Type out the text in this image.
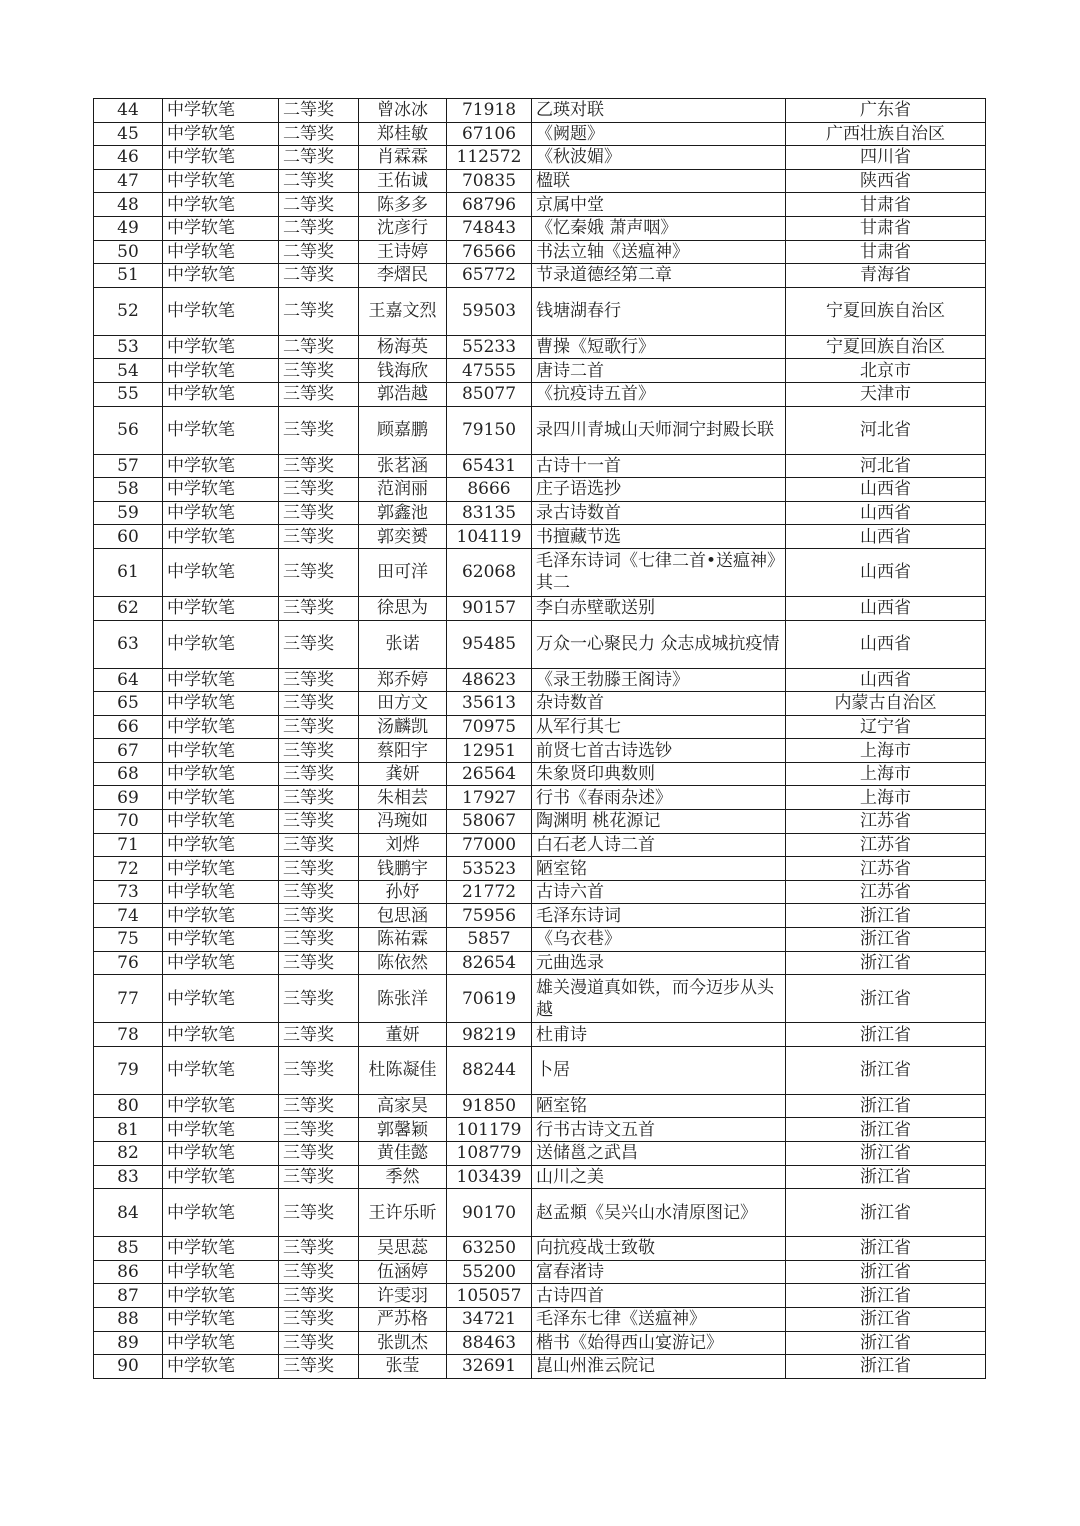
44	中学软笔	二等奖	曾冰冰	71918	乙瑛对联	广东省
45	中学软笔	二等奖	郑桂敏	67106	《阙题》	广西壮族自治区
46	中学软笔	二等奖	肖霖霖	112572	《秋波媚》	四川省
47	中学软笔	二等奖	王佑诚	70835	楹联	陕西省
48	中学软笔	二等奖	陈多多	68796	京属中堂	甘肃省
49	中学软笔	二等奖	沈彦行	74843	《忆秦娥 萧声咽》	甘肃省
50	中学软笔	二等奖	王诗婷	76566	书法立轴《送瘟神》	甘肃省
51	中学软笔	二等奖	李熠民	65772	节录道德经第二章	青海省
52	中学软笔	二等奖	王嘉文烈	59503	钱塘湖春行	宁夏回族自治区
53	中学软笔	二等奖	杨海英	55233	曹操《短歌行》	宁夏回族自治区
54	中学软笔	三等奖	钱海欣	47555	唐诗二首	北京市
55	中学软笔	三等奖	郭浩越	85077	《抗疫诗五首》	天津市
56	中学软笔	三等奖	顾嘉鹏	79150	录四川青城山天师洞宁封殿长联	河北省
57	中学软笔	三等奖	张茗涵	65431	古诗十一首	河北省
58	中学软笔	三等奖	范润丽	8666	庄子语选抄	山西省
59	中学软笔	三等奖	郭鑫池	83135	录古诗数首	山西省
60	中学软笔	三等奖	郭奕赟	104119	书擅藏节选	山西省
61	中学软笔	三等奖	田可洋	62068	毛泽东诗词《七律二首•送瘟神》其二	山西省
62	中学软笔	三等奖	徐思为	90157	李白赤壁歌送别	山西省
63	中学软笔	三等奖	张诺	95485	万众一心聚民力 众志成城抗疫情	山西省
64	中学软笔	三等奖	郑乔婷	48623	《录王勃滕王阁诗》	山西省
65	中学软笔	三等奖	田方文	35613	杂诗数首	内蒙古自治区
66	中学软笔	三等奖	汤麟凯	70975	从军行其七	辽宁省
67	中学软笔	三等奖	蔡阳宇	12951	前贤七首古诗选钞	上海市
68	中学软笔	三等奖	龚妍	26564	朱象贤印典数则	上海市
69	中学软笔	三等奖	朱相芸	17927	行书《春雨杂述》	上海市
70	中学软笔	三等奖	冯琬如	58067	陶渊明 桃花源记	江苏省
71	中学软笔	三等奖	刘烨	77000	白石老人诗二首	江苏省
72	中学软笔	三等奖	钱鹏宇	53523	陋室铭	江苏省
73	中学软笔	三等奖	孙妤	21772	古诗六首	江苏省
74	中学软笔	三等奖	包思涵	75956	毛泽东诗词	浙江省
75	中学软笔	三等奖	陈祐霖	5857	《乌衣巷》	浙江省
76	中学软笔	三等奖	陈依然	82654	元曲选录	浙江省
77	中学软笔	三等奖	陈张洋	70619	雄关漫道真如铁，而今迈步从头越	浙江省
78	中学软笔	三等奖	董妍	98219	杜甫诗	浙江省
79	中学软笔	三等奖	杜陈凝佳	88244	卜居	浙江省
80	中学软笔	三等奖	高家昊	91850	陋室铭	浙江省
81	中学软笔	三等奖	郭馨颖	101179	行书古诗文五首	浙江省
82	中学软笔	三等奖	黄佳懿	108779	送储邕之武昌	浙江省
83	中学软笔	三等奖	季然	103439	山川之美	浙江省
84	中学软笔	三等奖	王许乐昕	90170	赵孟頫《吴兴山水清原图记》	浙江省
85	中学软笔	三等奖	吴思蕊	63250	向抗疫战士致敬	浙江省
86	中学软笔	三等奖	伍涵婷	55200	富春渚诗	浙江省
87	中学软笔	三等奖	许雯羽	105057	古诗四首	浙江省
88	中学软笔	三等奖	严苏格	34721	毛泽东七律《送瘟神》	浙江省
89	中学软笔	三等奖	张凯杰	88463	楷书《始得西山宴游记》	浙江省
90	中学软笔	三等奖	张莹	32691	崑山州淮云院记	浙江省
